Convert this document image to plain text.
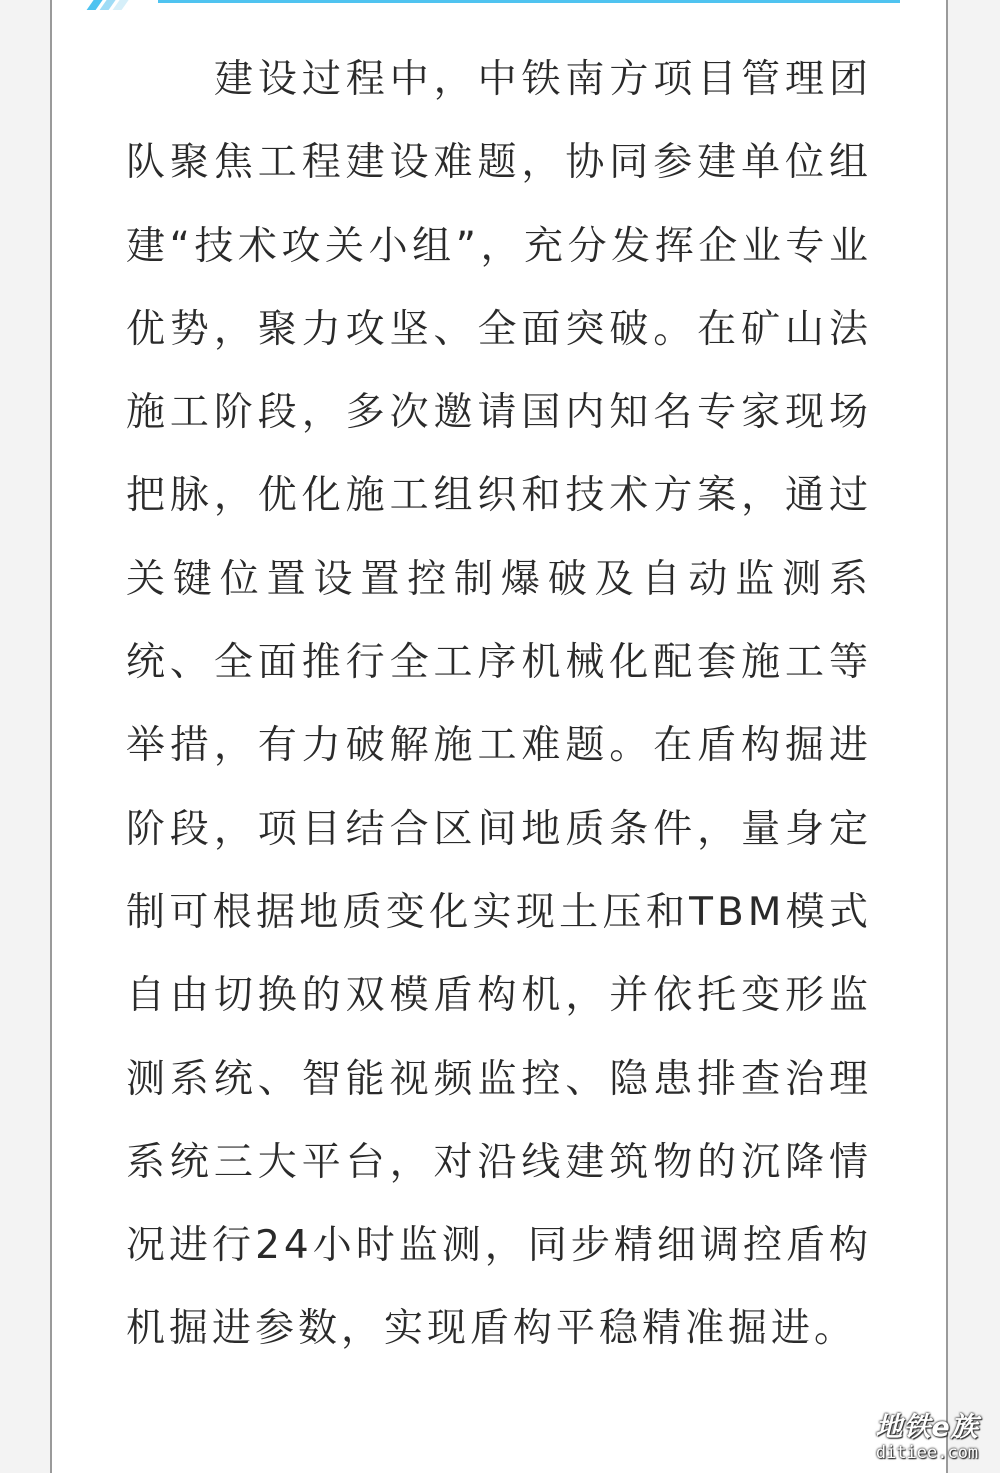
建设过程中，中铁南方项目管理团队聚焦工程建设难题，协同参建单位组建“技术攻关小组”，充分发挥企业专业优势，聚力攻坚、全面突破。在矿山法施工阶段，多次邀请国内知名专家现场把脉，优化施工组织和技术方案，通过关键位置设置控制爆破及自动监测系统、全面推行全工序机械化配套施工等举措，有力破解施工难题。在盾构掘进阶段，项目结合区间地质条件，量身定制可根据地质变化实现土压和TBM模式自由切换的双模盾构机，并依托变形监测系统、智能视频监控、隐患排查治理系统三大平台，对沿线建筑物的沉降情况进行24小时监测，同步精细调控盾构机掘进参数，实现盾构平稳精准掘进。

地铁e族
ditiee.com
